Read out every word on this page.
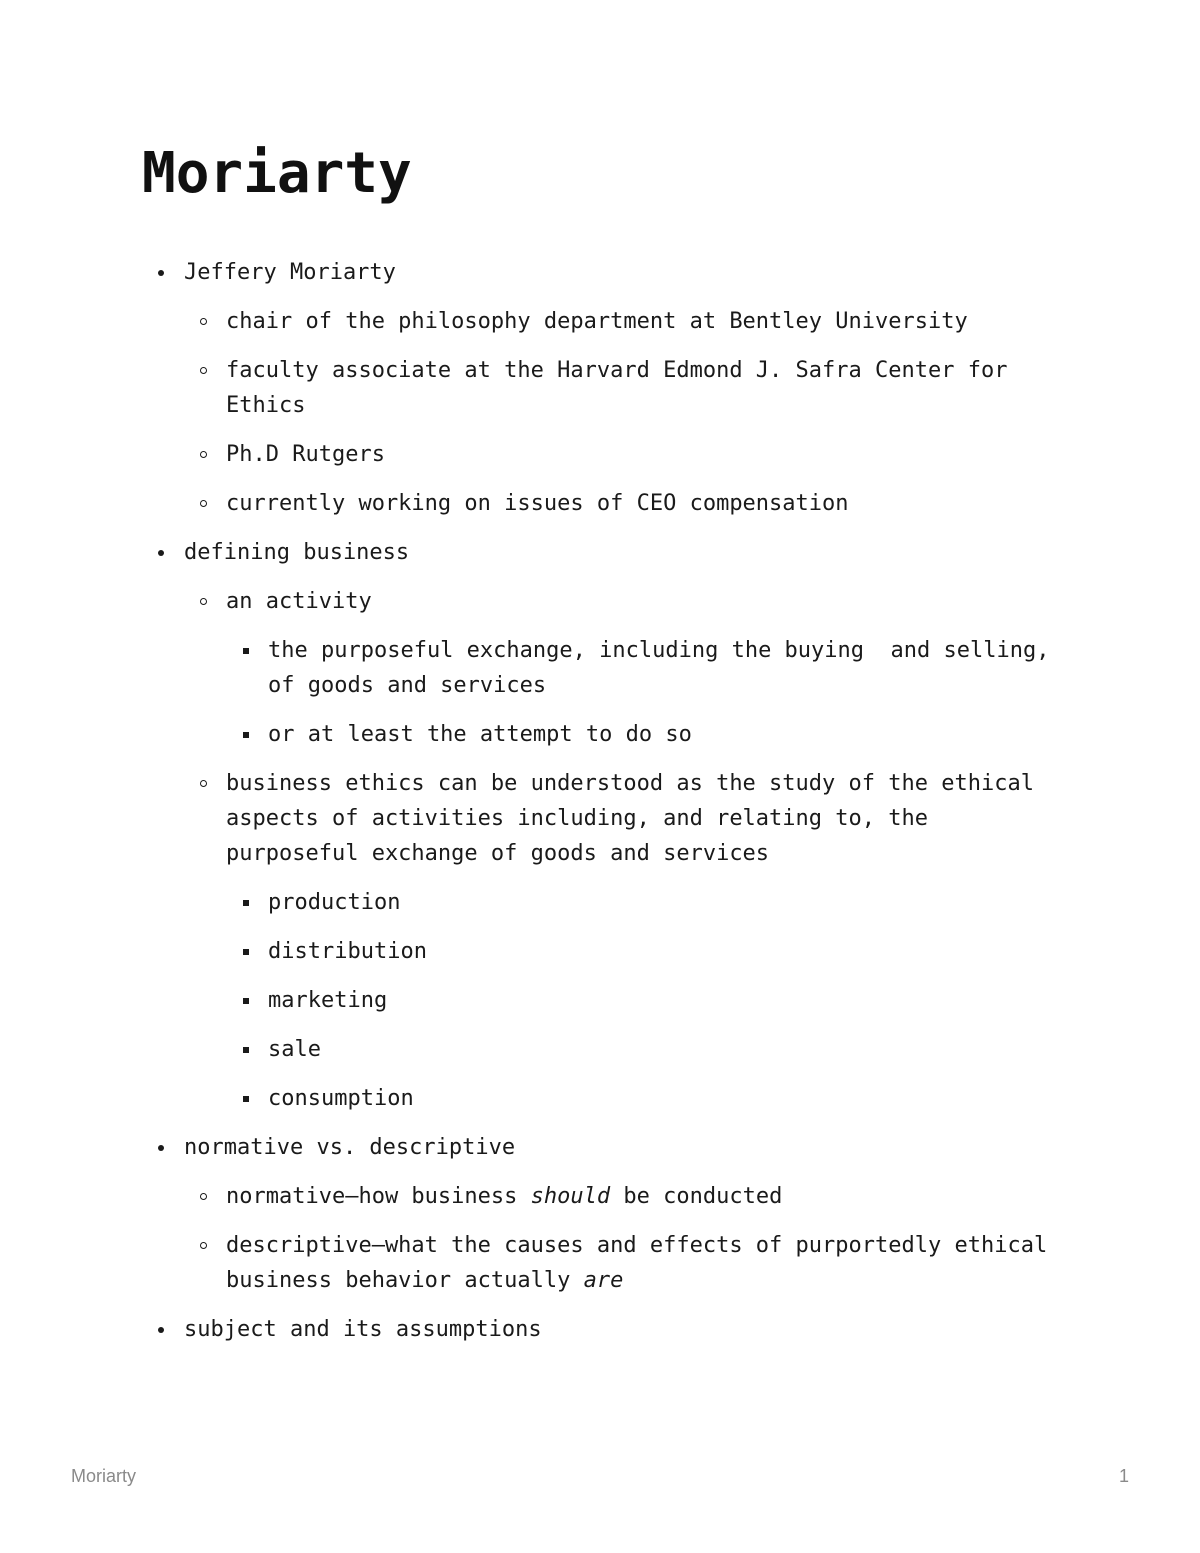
Moriarty
Jeffery Moriarty
chair of the philosophy department at Bentley University
faculty associate at the Harvard Edmond J. Safra Center for Ethics
Ph.D Rutgers
currently working on issues of CEO compensation
defining business
an activity
the purposeful exchange, including the buying  and selling, of goods and services
or at least the attempt to do so
business ethics can be understood as the study of the ethical aspects of activities including, and relating to, the purposeful exchange of goods and services
production
distribution
marketing
sale
consumption
normative vs. descriptive
normative—how business should be conducted
descriptive—what the causes and effects of purportedly ethical business behavior actually are
subject and its assumptions
Moriarty	1
